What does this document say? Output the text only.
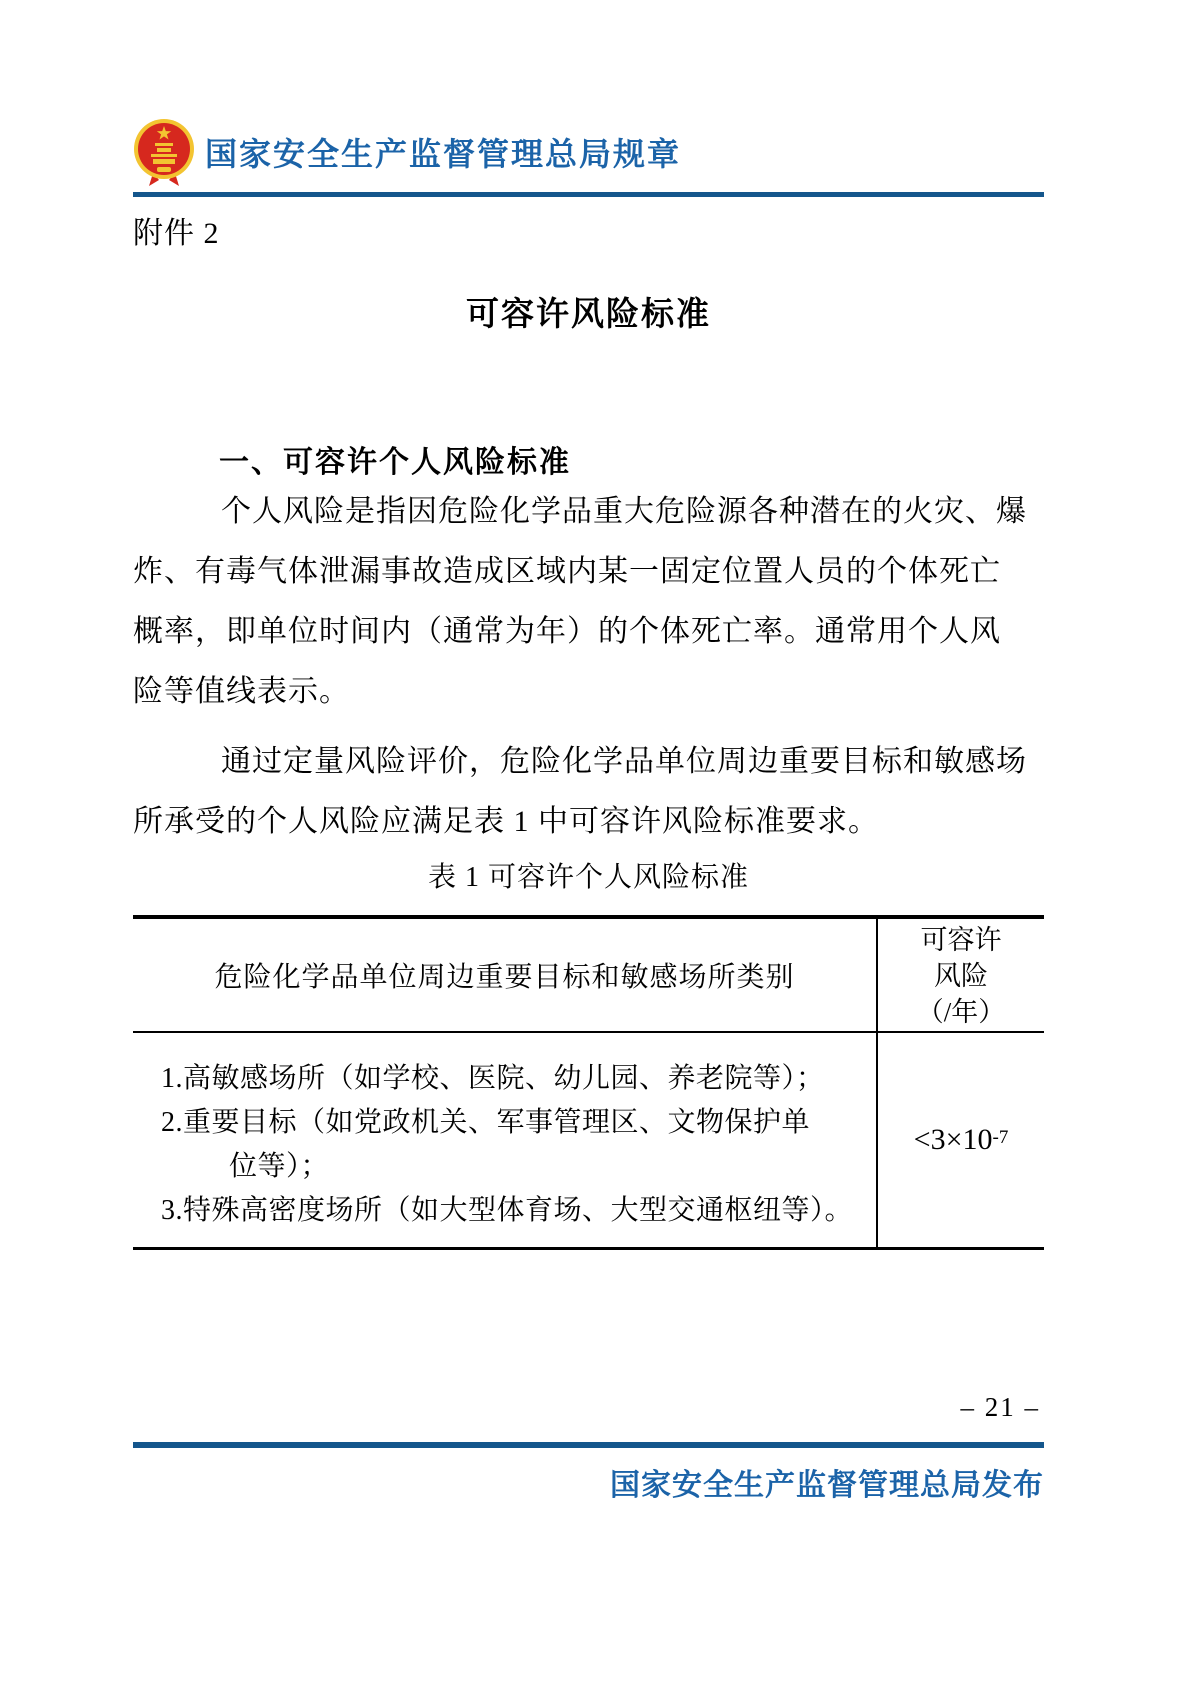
国家安全生产监督管理总局规章
附件 2
可容许风险标准
一、可容许个人风险标准
个人风险是指因危险化学品重大危险源各种潜在的火灾、爆
炸、有毒气体泄漏事故造成区域内某一固定位置人员的个体死亡
概率，即单位时间内（通常为年）的个体死亡率。通常用个人风
险等值线表示。
通过定量风险评价，危险化学品单位周边重要目标和敏感场
所承受的个人风险应满足表 1 中可容许风险标准要求。
表 1 可容许个人风险标准
危险化学品单位周边重要目标和敏感场所类别
可容许
风险
（/年）
1.高敏感场所（如学校、医院、幼儿园、养老院等）；
2.重要目标（如党政机关、军事管理区、文物保护单
位等）；
3.特殊高密度场所（如大型体育场、大型交通枢纽等）。
$<3\times 10^{-7}$
– 21 –
国家安全生产监督管理总局发布
